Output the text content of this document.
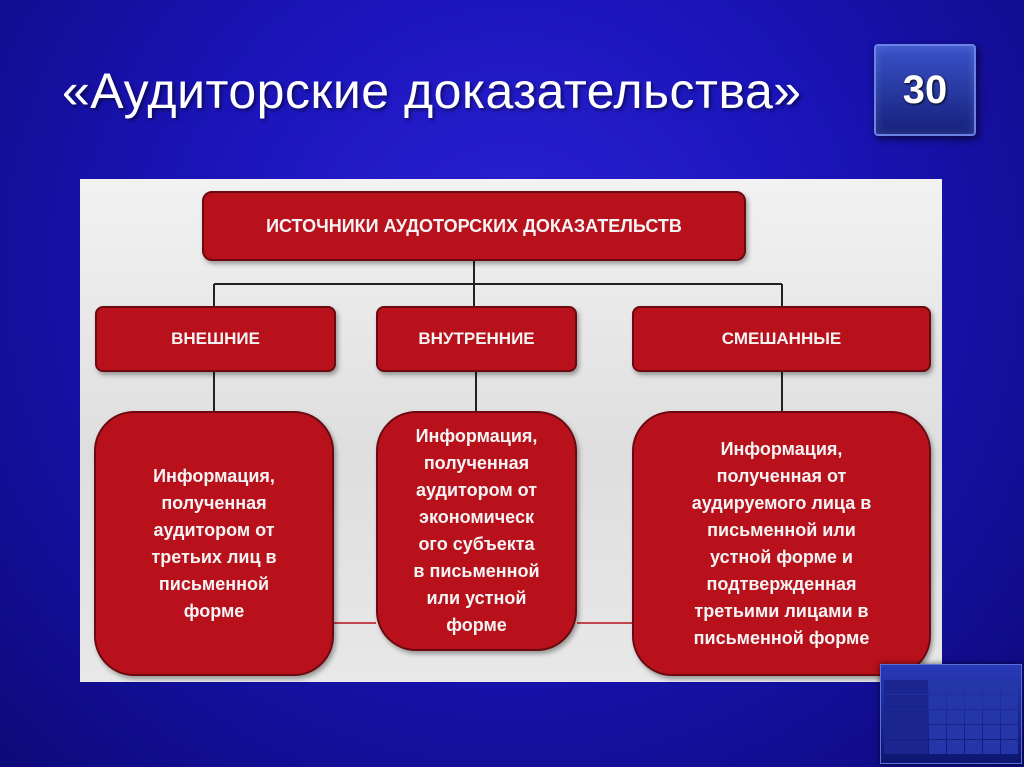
«Аудиторские доказательства»	30
ИСТОЧНИКИ АУДОТОРСКИХ ДОКАЗАТЕЛЬСТВ
ВНЕШНИЕ	ВНУТРЕННИЕ	СМЕШАННЫЕ
Информация,
полученная
аудитором от
третьих лиц в
письменной
форме
Информация,
полученная
аудитором от
экономическ
ого субъекта
в письменной
или устной
форме
Информация,
полученная от
аудируемого лица в
письменной или
устной форме и
подтвержденная
третьими лицами в
письменной форме
